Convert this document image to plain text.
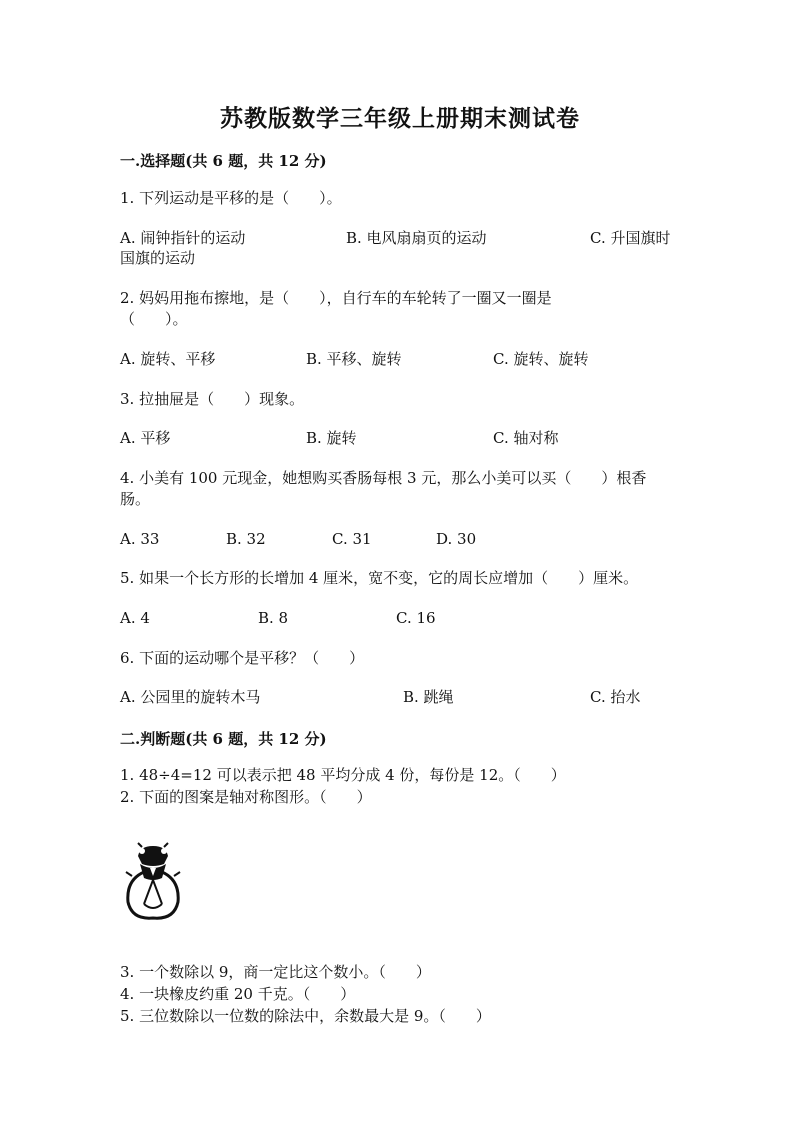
苏教版数学三年级上册期末测试卷
一.选择题(共 6 题，共 12 分)
1. 下列运动是平移的是（　　）。
A. 闹钟指针的运动	B. 电风扇扇页的运动	C. 升国旗时
国旗的运动
2. 妈妈用拖布擦地，是（　　），自行车的车轮转了一圈又一圈是
（　　）。
A. 旋转、平移	B. 平移、旋转	C. 旋转、旋转
3. 拉抽屉是（　　）现象。
A. 平移	B. 旋转	C. 轴对称
4. 小美有 100 元现金，她想购买香肠每根 3 元，那么小美可以买（　　）根香
肠。
A. 33	B. 32	C. 31	D. 30
5. 如果一个长方形的长增加 4 厘米，宽不变，它的周长应增加（　　）厘米。
A. 4	B. 8	C. 16
6. 下面的运动哪个是平移？（　　）
A. 公园里的旋转木马	B. 跳绳	C. 抬水
二.判断题(共 6 题，共 12 分)
1. 48÷4=12 可以表示把 48 平均分成 4 份，每份是 12。（　　）
2. 下面的图案是轴对称图形。（　　）
3. 一个数除以 9，商一定比这个数小。（　　）
4. 一块橡皮约重 20 千克。（　　）
5. 三位数除以一位数的除法中，余数最大是 9。（　　）
